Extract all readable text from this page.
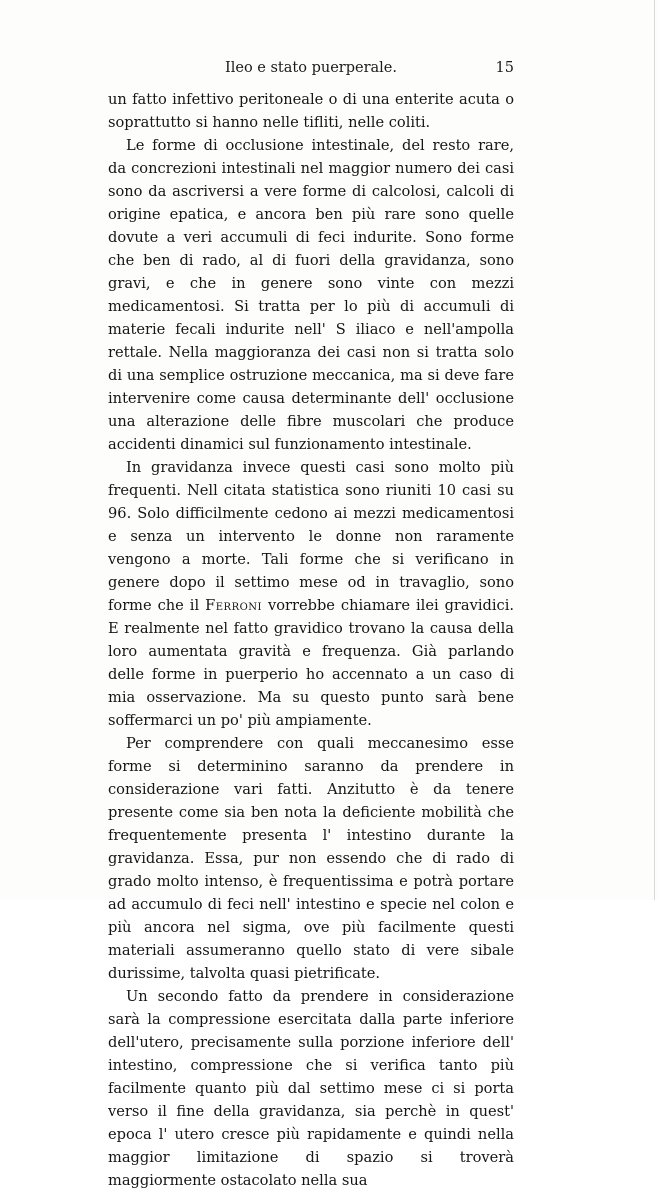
Ileo e stato puerperale.	15

un fatto infettivo peritoneale o di una enterite acuta o soprattutto si hanno nelle tifliti, nelle coliti.

Le forme di occlusione intestinale, del resto rare, da concrezioni intestinali nel maggior numero dei casi sono da ascriversi a vere forme di calcolosi, calcoli di origine epatica, e ancora ben più rare sono quelle dovute a veri accumuli di feci indurite. Sono forme che ben di rado, al di fuori della gravidanza, sono gravi, e che in genere sono vinte con mezzi medicamentosi. Si tratta per lo più di accumuli di materie fecali indurite nell' S iliaco e nell'ampolla rettale. Nella maggioranza dei casi non si tratta solo di una semplice ostruzione meccanica, ma si deve fare intervenire come causa determinante dell' occlusione una alterazione delle fibre muscolari che produce accidenti dinamici sul funzionamento intestinale.

In gravidanza invece questi casi sono molto più frequenti. Nell citata statistica sono riuniti 10 casi su 96. Solo difficilmente cedono ai mezzi medicamentosi e senza un intervento le donne non raramente vengono a morte. Tali forme che si verificano in genere dopo il settimo mese od in travaglio, sono forme che il Ferroni vorrebbe chiamare ilei gravidici. E realmente nel fatto gravidico trovano la causa della loro aumentata gravità e frequenza. Già parlando delle forme in puerperio ho accennato a un caso di mia osservazione. Ma su questo punto sarà bene soffermarci un po' più ampiamente.

Per comprendere con quali meccanesimo esse forme si determinino saranno da prendere in considerazione vari fatti. Anzitutto è da tenere presente come sia ben nota la deficiente mobilità che frequentemente presenta l' intestino durante la gravidanza. Essa, pur non essendo che di rado di grado molto intenso, è frequentissima e potrà portare ad accumulo di feci nell' intestino e specie nel colon e più ancora nel sigma, ove più facilmente questi materiali assumeranno quello stato di vere sibale durissime, talvolta quasi pietrificate.

Un secondo fatto da prendere in considerazione sarà la compressione esercitata dalla parte inferiore dell'utero, precisamente sulla porzione inferiore dell' intestino, compressione che si verifica tanto più facilmente quanto più dal settimo mese ci si porta verso il fine della gravidanza, sia perchè in quest' epoca l' utero cresce più rapidamente e quindi nella maggior limitazione di spazio si troverà maggiormente ostacolato nella sua
